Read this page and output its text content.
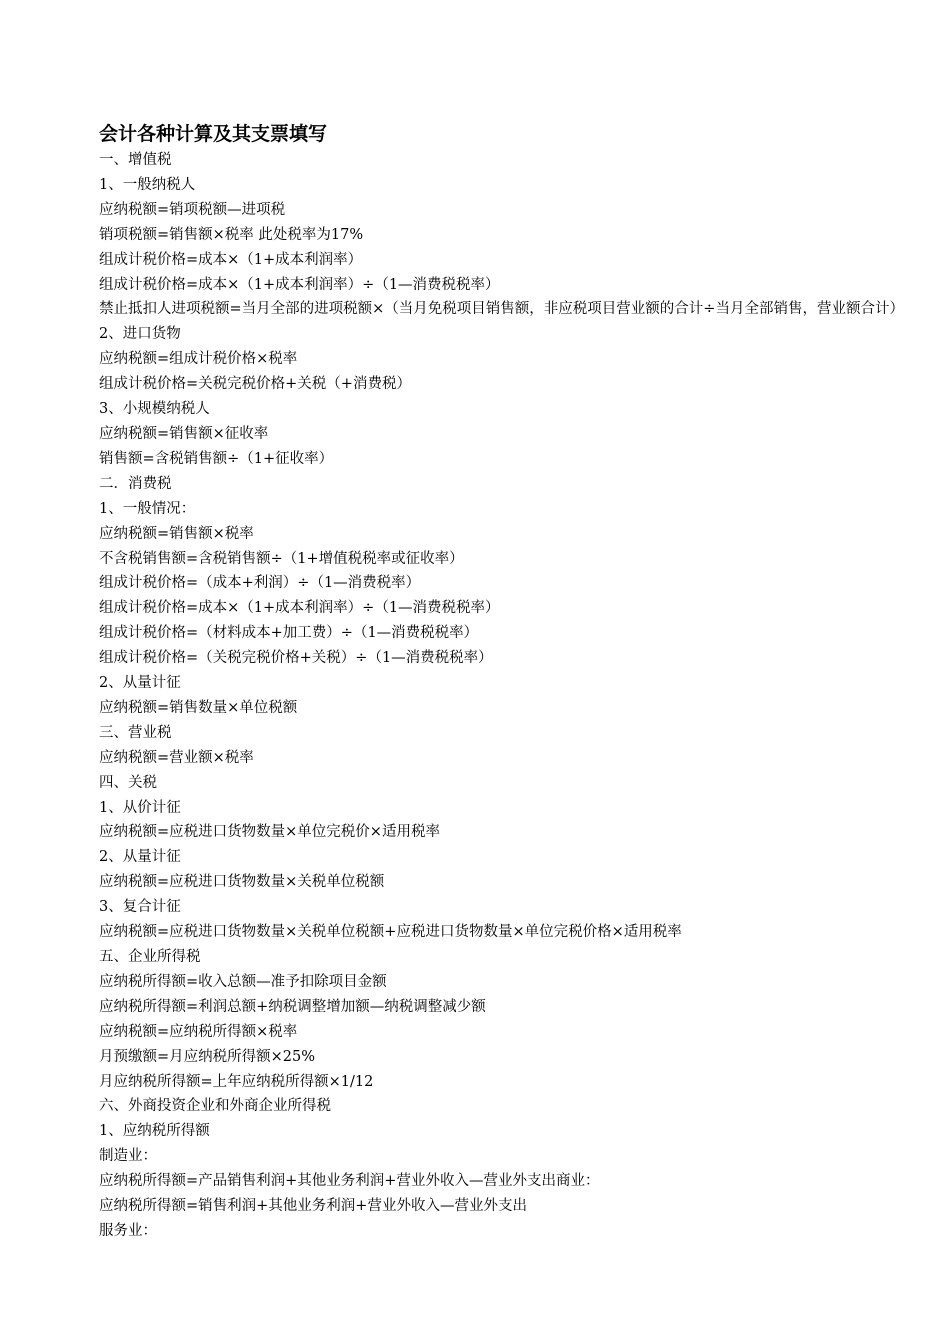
会计各种计算及其支票填写

一、增值税

1、一般纳税人

应纳税额=销项税额—进项税

销项税额=销售额×税率 此处税率为17%

组成计税价格=成本×（1+成本利润率）

组成计税价格=成本×（1+成本利润率）÷（1—消费税税率）

禁止抵扣人进项税额=当月全部的进项税额×（当月免税项目销售额，非应税项目营业额的合计÷当月全部销售，营业额合计）

2、进口货物

应纳税额=组成计税价格×税率

组成计税价格=关税完税价格+关税（+消费税）

3、小规模纳税人

应纳税额=销售额×征收率

销售额=含税销售额÷（1+征收率）

二．消费税

1、一般情况：

应纳税额=销售额×税率

不含税销售额=含税销售额÷（1+增值税税率或征收率）

组成计税价格=（成本+利润）÷（1—消费税率）

组成计税价格=成本×（1+成本利润率）÷（1—消费税税率）

组成计税价格=（材料成本+加工费）÷（1—消费税税率）

组成计税价格=（关税完税价格+关税）÷（1—消费税税率）

2、从量计征

应纳税额=销售数量×单位税额

三、营业税

应纳税额=营业额×税率

四、关税

1、从价计征

应纳税额=应税进口货物数量×单位完税价×适用税率

2、从量计征

应纳税额=应税进口货物数量×关税单位税额

3、复合计征

应纳税额=应税进口货物数量×关税单位税额+应税进口货物数量×单位完税价格×适用税率

五、企业所得税

应纳税所得额=收入总额—准予扣除项目金额

应纳税所得额=利润总额+纳税调整增加额—纳税调整减少额

应纳税额=应纳税所得额×税率

月预缴额=月应纳税所得额×25%

月应纳税所得额=上年应纳税所得额×1/12

六、外商投资企业和外商企业所得税

1、应纳税所得额

制造业：

应纳税所得额=产品销售利润+其他业务利润+营业外收入—营业外支出商业：

应纳税所得额=销售利润+其他业务利润+营业外收入—营业外支出

服务业：
